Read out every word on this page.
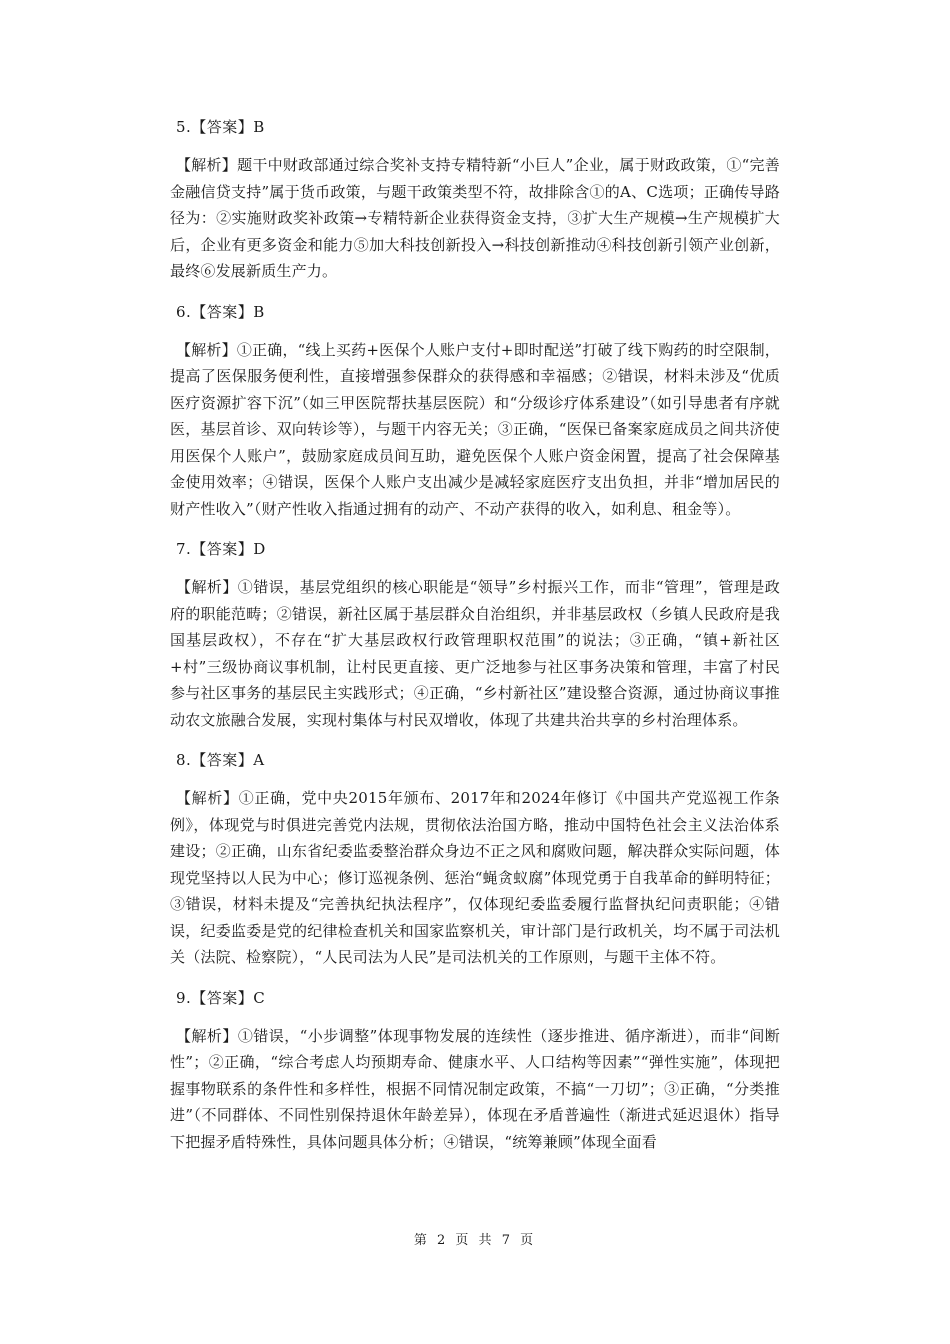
5.【答案】B

【解析】题干中财政部通过综合奖补支持专精特新“小巨人”企业，属于财政政策，①“完善金融信贷支持”属于货币政策，与题干政策类型不符，故排除含①的A、C选项；正确传导路径为：②实施财政奖补政策→专精特新企业获得资金支持，③扩大生产规模→生产规模扩大后，企业有更多资金和能力⑤加大科技创新投入→科技创新推动④科技创新引领产业创新，最终⑥发展新质生产力。

6.【答案】B

【解析】①正确，“线上买药+医保个人账户支付+即时配送”打破了线下购药的时空限制，提高了医保服务便利性，直接增强参保群众的获得感和幸福感；②错误，材料未涉及“优质医疗资源扩容下沉”（如三甲医院帮扶基层医院）和“分级诊疗体系建设”（如引导患者有序就医，基层首诊、双向转诊等），与题干内容无关；③正确，“医保已备案家庭成员之间共济使用医保个人账户”，鼓励家庭成员间互助，避免医保个人账户资金闲置，提高了社会保障基金使用效率；④错误，医保个人账户支出减少是减轻家庭医疗支出负担，并非“增加居民的财产性收入”（财产性收入指通过拥有的动产、不动产获得的收入，如利息、租金等）。

7.【答案】D

【解析】①错误，基层党组织的核心职能是“领导”乡村振兴工作，而非“管理”，管理是政府的职能范畴；②错误，新社区属于基层群众自治组织，并非基层政权（乡镇人民政府是我国基层政权），不存在“扩大基层政权行政管理职权范围”的说法；③正确，“镇+新社区+村”三级协商议事机制，让村民更直接、更广泛地参与社区事务决策和管理，丰富了村民参与社区事务的基层民主实践形式；④正确，“乡村新社区”建设整合资源，通过协商议事推动农文旅融合发展，实现村集体与村民双增收，体现了共建共治共享的乡村治理体系。

8.【答案】A

【解析】①正确，党中央2015年颁布、2017年和2024年修订《中国共产党巡视工作条例》，体现党与时俱进完善党内法规，贯彻依法治国方略，推动中国特色社会主义法治体系建设；②正确，山东省纪委监委整治群众身边不正之风和腐败问题，解决群众实际问题，体现党坚持以人民为中心；修订巡视条例、惩治“蝇贪蚁腐”体现党勇于自我革命的鲜明特征；③错误，材料未提及“完善执纪执法程序”，仅体现纪委监委履行监督执纪问责职能；④错误，纪委监委是党的纪律检查机关和国家监察机关，审计部门是行政机关，均不属于司法机关（法院、检察院），“人民司法为人民”是司法机关的工作原则，与题干主体不符。

9.【答案】C

【解析】①错误，“小步调整”体现事物发展的连续性（逐步推进、循序渐进），而非“间断性”；②正确，“综合考虑人均预期寿命、健康水平、人口结构等因素”“弹性实施”，体现把握事物联系的条件性和多样性，根据不同情况制定政策，不搞“一刀切”；③正确，“分类推进”（不同群体、不同性别保持退休年龄差异），体现在矛盾普遍性（渐进式延迟退休）指导下把握矛盾特殊性，具体问题具体分析；④错误，“统筹兼顾”体现全面看

第 2 页 共 7 页
